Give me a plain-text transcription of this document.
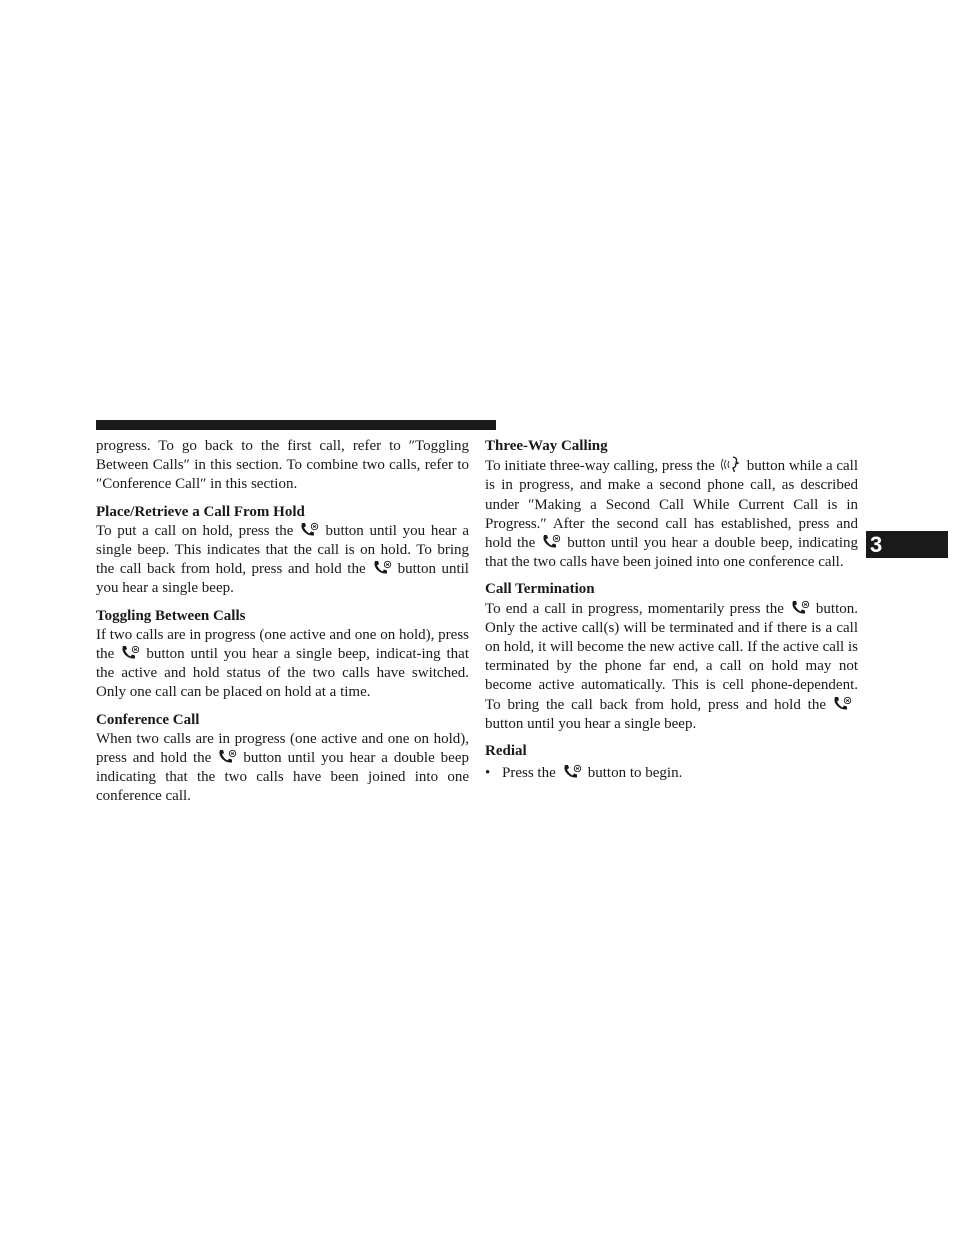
progress. To go back to the first call, refer to ″Toggling Between Calls″ in this section. To combine two calls, refer to ″Conference Call″ in this section.

Place/Retrieve a Call From Hold

To put a call on hold, press the button until you hear a single beep. This indicates that the call is on hold. To bring the call back from hold, press and hold the button until you hear a single beep.

Toggling Between Calls

If two calls are in progress (one active and one on hold), press the button until you hear a single beep, indicat-ing that the active and hold status of the two calls have switched. Only one call can be placed on hold at a time.

Conference Call

When two calls are in progress (one active and one on hold), press and hold the button until you hear a double beep indicating that the two calls have been joined into one conference call.

Three-Way Calling

To initiate three-way calling, press the button while a call is in progress, and make a second phone call, as described under ″Making a Second Call While Current Call is in Progress.″ After the second call has established, press and hold the button until you hear a double beep, indicating that the two calls have been joined into one conference call.

Call Termination

To end a call in progress, momentarily press the button. Only the active call(s) will be terminated and if there is a call on hold, it will become the new active call. If the active call is terminated by the phone far end, a call on hold may not become active automatically. This is cell phone-dependent. To bring the call back from hold, press and hold the
button until you hear a single beep.

Redial

• Press the button to begin.

3
